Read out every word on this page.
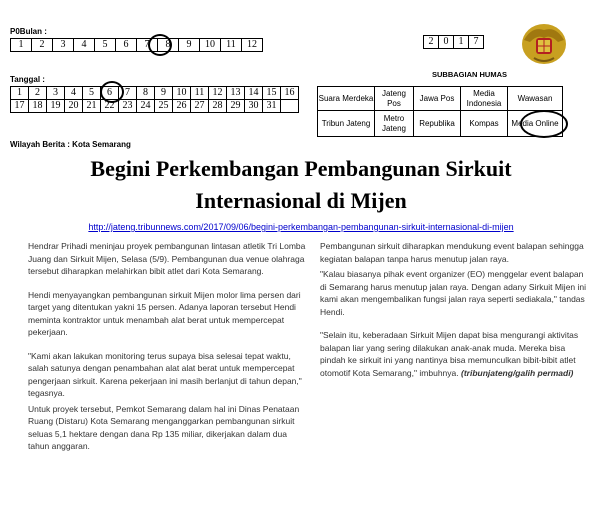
P0Bulan :
1	2	3	4	5	6	7	8	9	10	11	12
Tanggal :
1	2	3	4	5	6	7	8	9	10	11	12	13	14	15	16
17	18	19	20	21	22	23	24	25	26	27	28	29	30	31	
2	0	1	7
SUBBAGIAN HUMAS
Suara Merdeka	Jateng Pos	Jawa Pos	Media Indonesia	Wawasan
Tribun Jateng	Metro Jateng	Republika	Kompas	Media Online
Wilayah Berita : Kota Semarang
Begini Perkembangan Pembangunan Sirkuit
Internasional di Mijen
http://jateng.tribunnews.com/2017/09/06/begini-perkembangan-pembangunan-sirkuit-internasional-di-mijen

Hendrar Prihadi meninjau proyek pembangunan lintasan atletik Tri Lomba Juang dan Sirkuit Mijen, Selasa (5/9). Pembangunan dua venue olahraga tersebut diharapkan melahirkan bibit atlet dari Kota Semarang.

Hendi menyayangkan pembangunan sirkuit Mijen molor lima persen dari target yang ditentukan yakni 15 persen. Adanya laporan tersebut Hendi meminta kontraktor untuk menambah alat berat untuk mempercepat pekerjaan.

"Kami akan lakukan monitoring terus supaya bisa selesai tepat waktu, salah satunya dengan penambahan alat alat berat untuk mempercepat pengerjaan sirkuit. Karena pekerjaan ini masih berlanjut di tahun depan," tegasnya.

Untuk proyek tersebut, Pemkot Semarang dalam hal ini Dinas Penataan Ruang (Distaru) Kota Semarang menganggarkan pembangunan sirkuit seluas 5,1 hektare dengan dana Rp 135 miliar, dikerjakan dalam dua tahun anggaran.

Pembangunan sirkuit diharapkan mendukung event balapan sehingga kegiatan balapan tanpa harus menutup jalan raya.

"Kalau biasanya pihak event organizer (EO) menggelar event balapan di Semarang harus menutup jalan raya. Dengan adany Sirkuit Mijen ini kami akan mengembalikan fungsi jalan raya seperti sediakala," tandas Hendi.

"Selain itu, keberadaan Sirkuit Mijen dapat bisa mengurangi aktivitas balapan liar yang sering dilakukan anak-anak muda. Mereka bisa pindah ke sirkuit ini yang nantinya bisa memunculkan bibit-bibit atlet otomotif Kota Semarang," imbuhnya. (tribunjateng/galih permadi)
